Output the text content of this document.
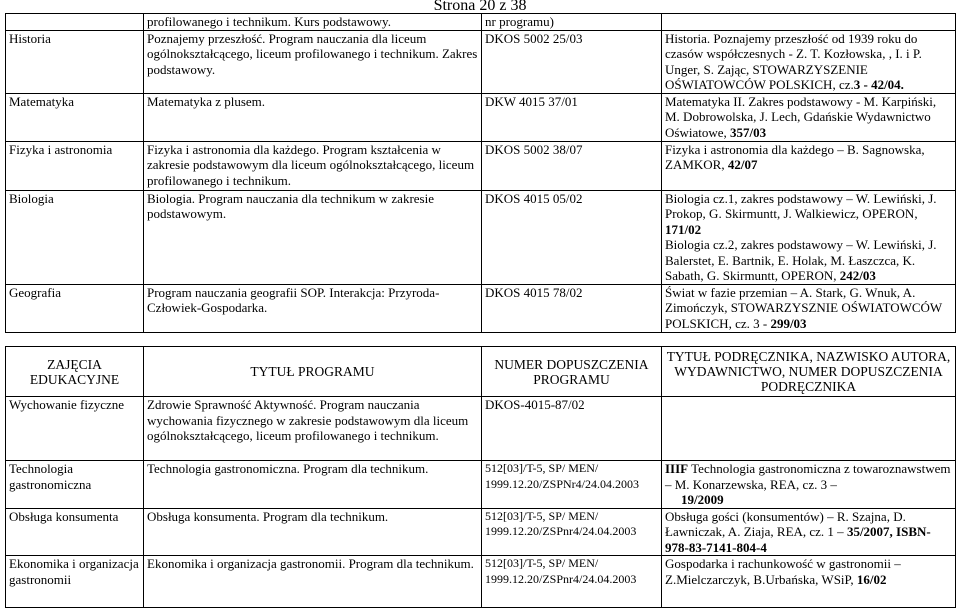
Strona 20 z 38
	profilowanego i technikum. Kurs podstawowy.	nr programu)	
Historia	Poznajemy przeszłość. Program nauczania dla liceum ogólnokształcącego, liceum profilowanego i technikum. Zakres podstawowy.	DKOS 5002 25/03	Historia. Poznajemy przeszłość od 1939 roku do czasów współczesnych - Z. T. Kozłowska, , I. i P. Unger, S. Zając, STOWARZYSZENIE OŚWIATOWCÓW POLSKICH, cz.3 - 42/04.
Matematyka	Matematyka z plusem.	DKW 4015 37/01	Matematyka II. Zakres podstawowy - M. Karpiński, M. Dobrowolska, J. Lech, Gdańskie Wydawnictwo Oświatowe, 357/03
Fizyka i astronomia	Fizyka i astronomia dla każdego. Program kształcenia w zakresie podstawowym dla liceum ogólnokształcącego, liceum profilowanego i technikum.	DKOS 5002 38/07	Fizyka i astronomia dla każdego – B. Sagnowska, ZAMKOR, 42/07
Biologia	Biologia. Program nauczania dla technikum w zakresie podstawowym.	DKOS 4015 05/02	Biologia cz.1, zakres podstawowy – W. Lewiński, J. Prokop, G. Skirmuntt, J. Walkiewicz, OPERON, 171/02
Biologia cz.2, zakres podstawowy – W. Lewiński, J. Balerstet, E. Bartnik, E. Holak, M. Łaszczca, K. Sabath, G. Skirmuntt, OPERON, 242/03
Geografia	Program nauczania geografii SOP. Interakcja: Przyroda-Człowiek-Gospodarka.	DKOS 4015 78/02	Świat w fazie przemian – A. Stark, G. Wnuk, A. Zimończyk, STOWARZYSZNIE OŚWIATOWCÓW POLSKICH, cz. 3 - 299/03
ZAJĘCIA EDUKACYJNE	TYTUŁ PROGRAMU	NUMER DOPUSZCZENIA PROGRAMU	TYTUŁ PODRĘCZNIKA, NAZWISKO AUTORA, WYDAWNICTWO, NUMER DOPUSZCZENIA PODRĘCZNIKA
Wychowanie fizyczne	Zdrowie Sprawność Aktywność. Program nauczania wychowania fizycznego w zakresie podstawowym dla liceum ogólnokształcącego, liceum profilowanego i technikum.	DKOS-4015-87/02	
Technologia gastronomiczna	Technologia gastronomiczna. Program dla technikum.	512[03]/T-5, SP/ MEN/ 1999.12.20/ZSPNr4/24.04.2003	IIIF Technologia gastronomiczna z towaroznawstwem – M. Konarzewska, REA, cz. 3 –
19/2009
Obsługa konsumenta	Obsługa konsumenta. Program dla technikum.	512[03]/T-5, SP/ MEN/ 1999.12.20/ZSPnr4/24.04.2003	Obsługa gości (konsumentów) – R. Szajna, D. Ławniczak, A. Ziaja, REA, cz. 1 – 35/2007, ISBN-978-83-7141-804-4
Ekonomika i organizacja gastronomii	Ekonomika i organizacja gastronomii. Program dla technikum.	512[03]/T-5, SP/ MEN/ 1999.12.20/ZSPnr4/24.04.2003	Gospodarka i rachunkowość w gastronomii – Z.Mielczarczyk, B.Urbańska, WSiP, 16/02
